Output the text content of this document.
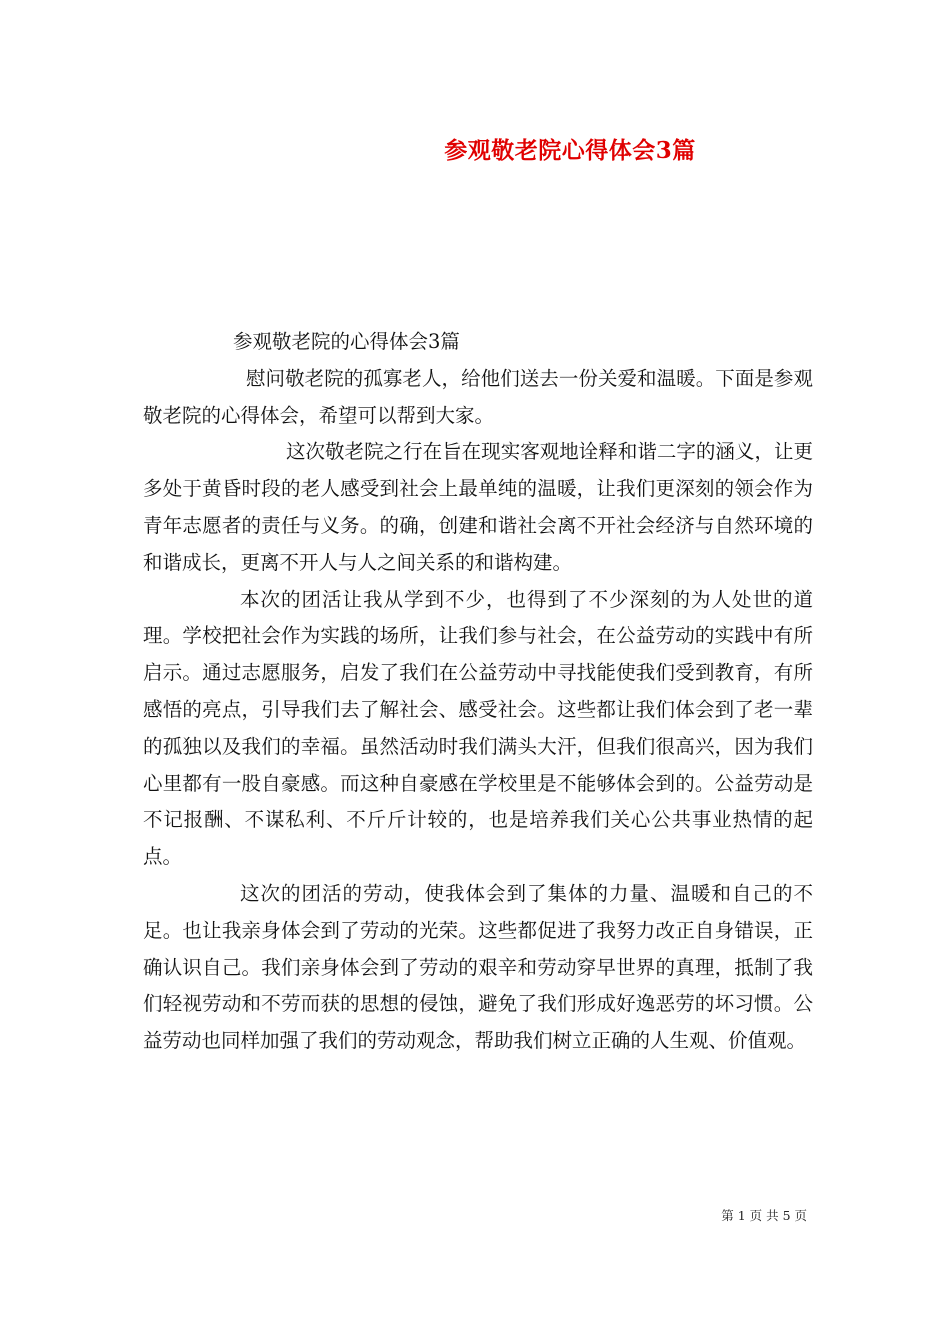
参观敬老院心得体会3篇

参观敬老院的心得体会3篇

慰问敬老院的孤寡老人，给他们送去一份关爱和温暖。下面是参观敬老院的心得体会，希望可以帮到大家。

这次敬老院之行在旨在现实客观地诠释和谐二字的涵义，让更多处于黄昏时段的老人感受到社会上最单纯的温暖，让我们更深刻的领会作为青年志愿者的责任与义务。的确，创建和谐社会离不开社会经济与自然环境的和谐成长，更离不开人与人之间关系的和谐构建。

本次的团活让我从学到不少，也得到了不少深刻的为人处世的道理。学校把社会作为实践的场所，让我们参与社会，在公益劳动的实践中有所启示。通过志愿服务，启发了我们在公益劳动中寻找能使我们受到教育，有所感悟的亮点，引导我们去了解社会、感受社会。这些都让我们体会到了老一辈的孤独以及我们的幸福。虽然活动时我们满头大汗，但我们很高兴，因为我们心里都有一股自豪感。而这种自豪感在学校里是不能够体会到的。公益劳动是不记报酬、不谋私利、不斤斤计较的，也是培养我们关心公共事业热情的起点。

这次的团活的劳动，使我体会到了集体的力量、温暖和自己的不足。也让我亲身体会到了劳动的光荣。这些都促进了我努力改正自身错误，正确认识自己。我们亲身体会到了劳动的艰辛和劳动穿早世界的真理，抵制了我们轻视劳动和不劳而获的思想的侵蚀，避免了我们形成好逸恶劳的坏习惯。公益劳动也同样加强了我们的劳动观念，帮助我们树立正确的人生观、价值观。

第 1 页 共 5 页
